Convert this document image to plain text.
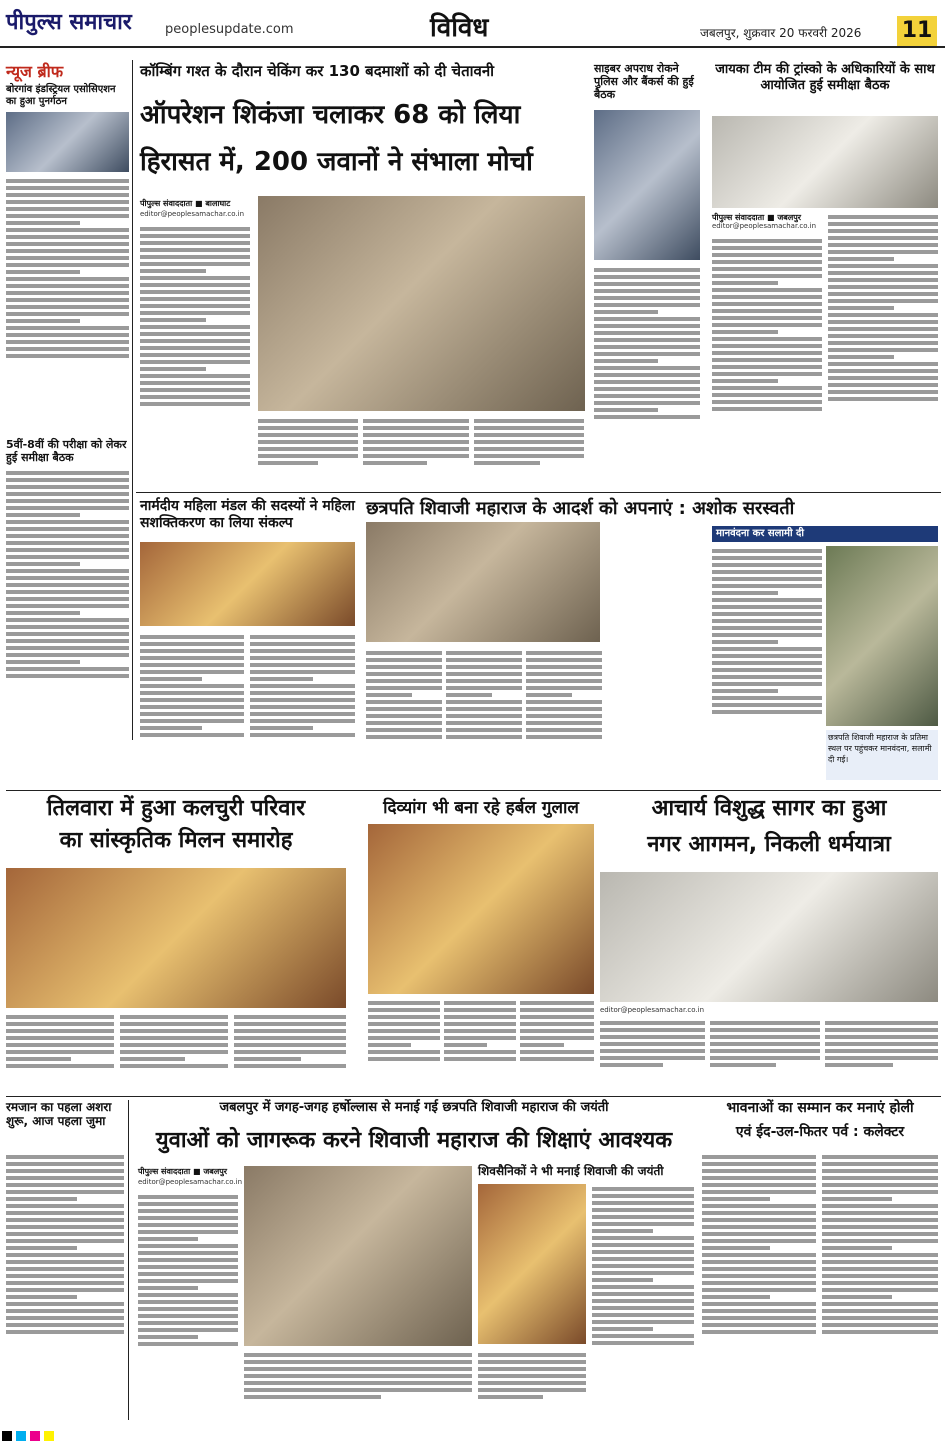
पीपुल्स समाचार	peoplesupdate.com	विविध	जबलपुर, शुक्रवार 20 फरवरी 2026 11
न्यूज ब्रीफ
बोरगांव इंडस्ट्रियल एसोसिएशन का हुआ पुनर्गठन
5वीं-8वीं की परीक्षा को लेकर हुई समीक्षा बैठक
कॉम्बिंग गश्त के दौरान चेकिंग कर 130 बदमाशों को दी चेतावनी
ऑपरेशन शिकंजा चलाकर 68 को लिया
हिरासत में, 200 जवानों ने संभाला मोर्चा
पीपुल्स संवाददाता ■ बालाघाट
editor@peoplesamachar.co.in
साइबर अपराध रोकने पुलिस और बैंकर्स की हुई बैठक
जायका टीम की ट्रांस्को के अधिकारियों के साथ आयोजित हुई समीक्षा बैठक
पीपुल्स संवाददाता ■ जबलपुर
editor@peoplesamachar.co.in
नार्मदीय महिला मंडल की सदस्यों ने महिला सशक्तिकरण का लिया संकल्प
छत्रपति शिवाजी महाराज के आदर्श को अपनाएं : अशोक सरस्वती
मानवंदना कर सलामी दी
छत्रपति शिवाजी महाराज के प्रतिमा स्थल पर पहुंचकर मानवंदना, सलामी दी गई।
तिलवारा में हुआ कलचुरी परिवार
का सांस्कृतिक मिलन समारोह
दिव्यांग भी बना रहे हर्बल गुलाल	आचार्य विशुद्ध सागर का हुआ
नगर आगमन, निकली धर्मयात्रा
editor@peoplesamachar.co.in
रमजान का पहला अशरा शुरू, आज पहला जुमा
जबलपुर में जगह-जगह हर्षोल्लास से मनाई गई छत्रपति शिवाजी महाराज की जयंती
युवाओं को जागरूक करने शिवाजी महाराज की शिक्षाएं आवश्यक
पीपुल्स संवाददाता ■ जबलपुर
editor@peoplesamachar.co.in
शिवसैनिकों ने भी मनाई शिवाजी की जयंती
भावनाओं का सम्मान कर मनाएं होली
एवं ईद-उल-फितर पर्व : कलेक्टर
